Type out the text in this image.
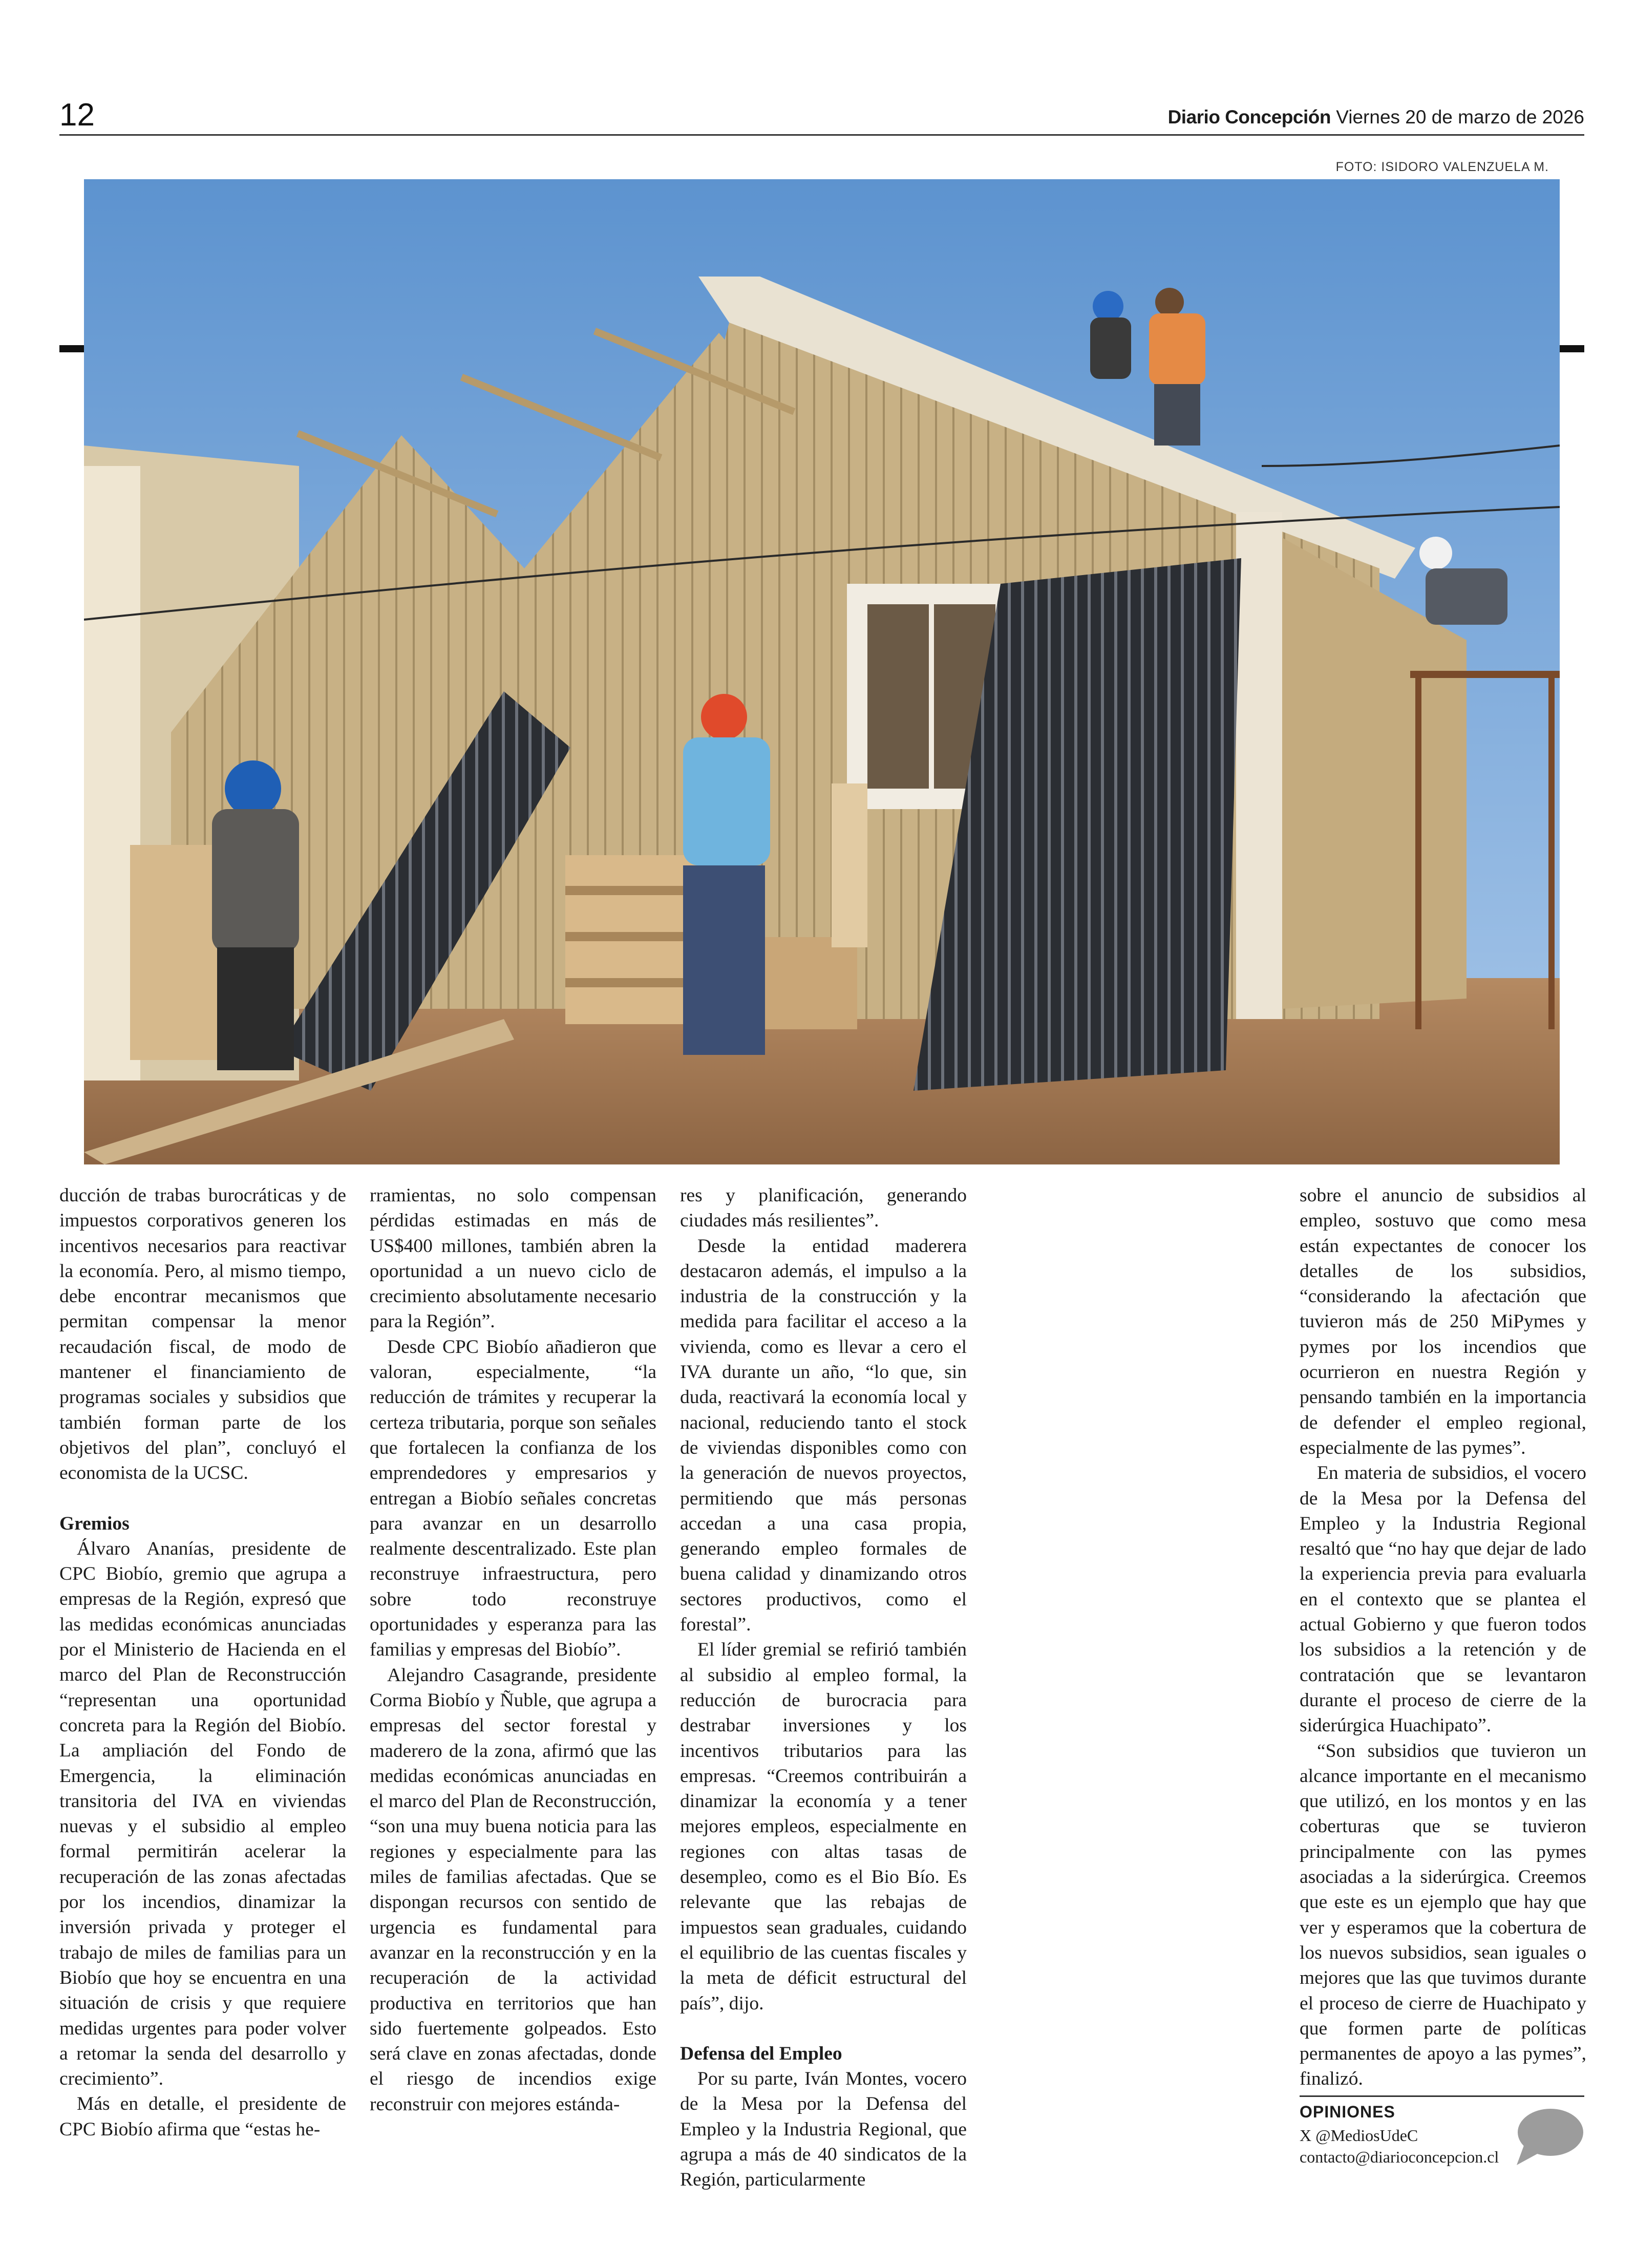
12	Diario Concepción Viernes 20 de marzo de 2026
FOTO: ISIDORO VALENZUELA M.

ducción de trabas burocráticas y de impuestos corporativos generen los incentivos necesarios para reactivar la economía. Pero, al mismo tiempo, debe encontrar mecanismos que permitan compensar la menor recaudación fiscal, de modo de mantener el financiamiento de programas sociales y subsidios que también forman parte de los objetivos del plan”, concluyó el economista de la UCSC.

Gremios

Álvaro Ananías, presidente de CPC Biobío, gremio que agrupa a empresas de la Región, expresó que las medidas económicas anunciadas por el Ministerio de Hacienda en el marco del Plan de Reconstrucción “representan una oportunidad concreta para la Región del Biobío. La ampliación del Fondo de Emergencia, la eliminación transitoria del IVA en viviendas nuevas y el subsidio al empleo formal permitirán acelerar la recuperación de las zonas afectadas por los incendios, dinamizar la inversión privada y proteger el trabajo de miles de familias para un Biobío que hoy se encuentra en una situación de crisis y que requiere medidas urgentes para poder volver a retomar la senda del desarrollo y crecimiento”.

Más en detalle, el presidente de CPC Biobío afirma que “estas he-

rramientas, no solo compensan pérdidas estimadas en más de US$400 millones, también abren la oportunidad a un nuevo ciclo de crecimiento absolutamente necesario para la Región”.

Desde CPC Biobío añadieron que valoran, especialmente, “la reducción de trámites y recuperar la certeza tributaria, porque son señales que fortalecen la confianza de los emprendedores y empresarios y entregan a Biobío señales concretas para avanzar en un desarrollo realmente descentralizado. Este plan reconstruye infraestructura, pero sobre todo reconstruye oportunidades y esperanza para las familias y empresas del Biobío”.

Alejandro Casagrande, presidente Corma Biobío y Ñuble, que agrupa a empresas del sector forestal y maderero de la zona, afirmó que las medidas económicas anunciadas en el marco del Plan de Reconstrucción, “son una muy buena noticia para las regiones y especialmente para las miles de familias afectadas. Que se dispongan recursos con sentido de urgencia es fundamental para avanzar en la reconstrucción y en la recuperación de la actividad productiva en territorios que han sido fuertemente golpeados. Esto será clave en zonas afectadas, donde el riesgo de incendios exige reconstruir con mejores estánda-

res y planificación, generando ciudades más resilientes”.

Desde la entidad maderera destacaron además, el impulso a la industria de la construcción y la medida para facilitar el acceso a la vivienda, como es llevar a cero el IVA durante un año, “lo que, sin duda, reactivará la economía local y nacional, reduciendo tanto el stock de viviendas disponibles como con la generación de nuevos proyectos, permitiendo que más personas accedan a una casa propia, generando empleo formales de buena calidad y dinamizando otros sectores productivos, como el forestal”.

El líder gremial se refirió también al subsidio al empleo formal, la reducción de burocracia para destrabar inversiones y los incentivos tributarios para las empresas. “Creemos contribuirán a dinamizar la economía y a tener mejores empleos, especialmente en regiones con altas tasas de desempleo, como es el Bio Bío. Es relevante que las rebajas de impuestos sean graduales, cuidando el equilibrio de las cuentas fiscales y la meta de déficit estructural del país”, dijo.

Defensa del Empleo

Por su parte, Iván Montes, vocero de la Mesa por la Defensa del Empleo y la Industria Regional, que agrupa a más de 40 sindicatos de la Región, particularmente

sobre el anuncio de subsidios al empleo, sostuvo que como mesa están expectantes de conocer los detalles de los subsidios, “considerando la afectación que tuvieron más de 250 MiPymes y pymes por los incendios que ocurrieron en nuestra Región y pensando también en la importancia de defender el empleo regional, especialmente de las pymes”.

En materia de subsidios, el vocero de la Mesa por la Defensa del Empleo y la Industria Regional resaltó que “no hay que dejar de lado la experiencia previa para evaluarla en el contexto que se plantea el actual Gobierno y que fueron todos los subsidios a la retención y de contratación que se levantaron durante el proceso de cierre de la siderúrgica Huachipato”.

“Son subsidios que tuvieron un alcance importante en el mecanismo que utilizó, en los montos y en las coberturas que se tuvieron principalmente con las pymes asociadas a la siderúrgica. Creemos que este es un ejemplo que hay que ver y esperamos que la cobertura de los nuevos subsidios, sean iguales o mejores que las que tuvimos durante el proceso de cierre de Huachipato y que formen parte de políticas permanentes de apoyo a las pymes”, finalizó.

OPINIONES
X @MediosUdeC
contacto@diarioconcepcion.cl
